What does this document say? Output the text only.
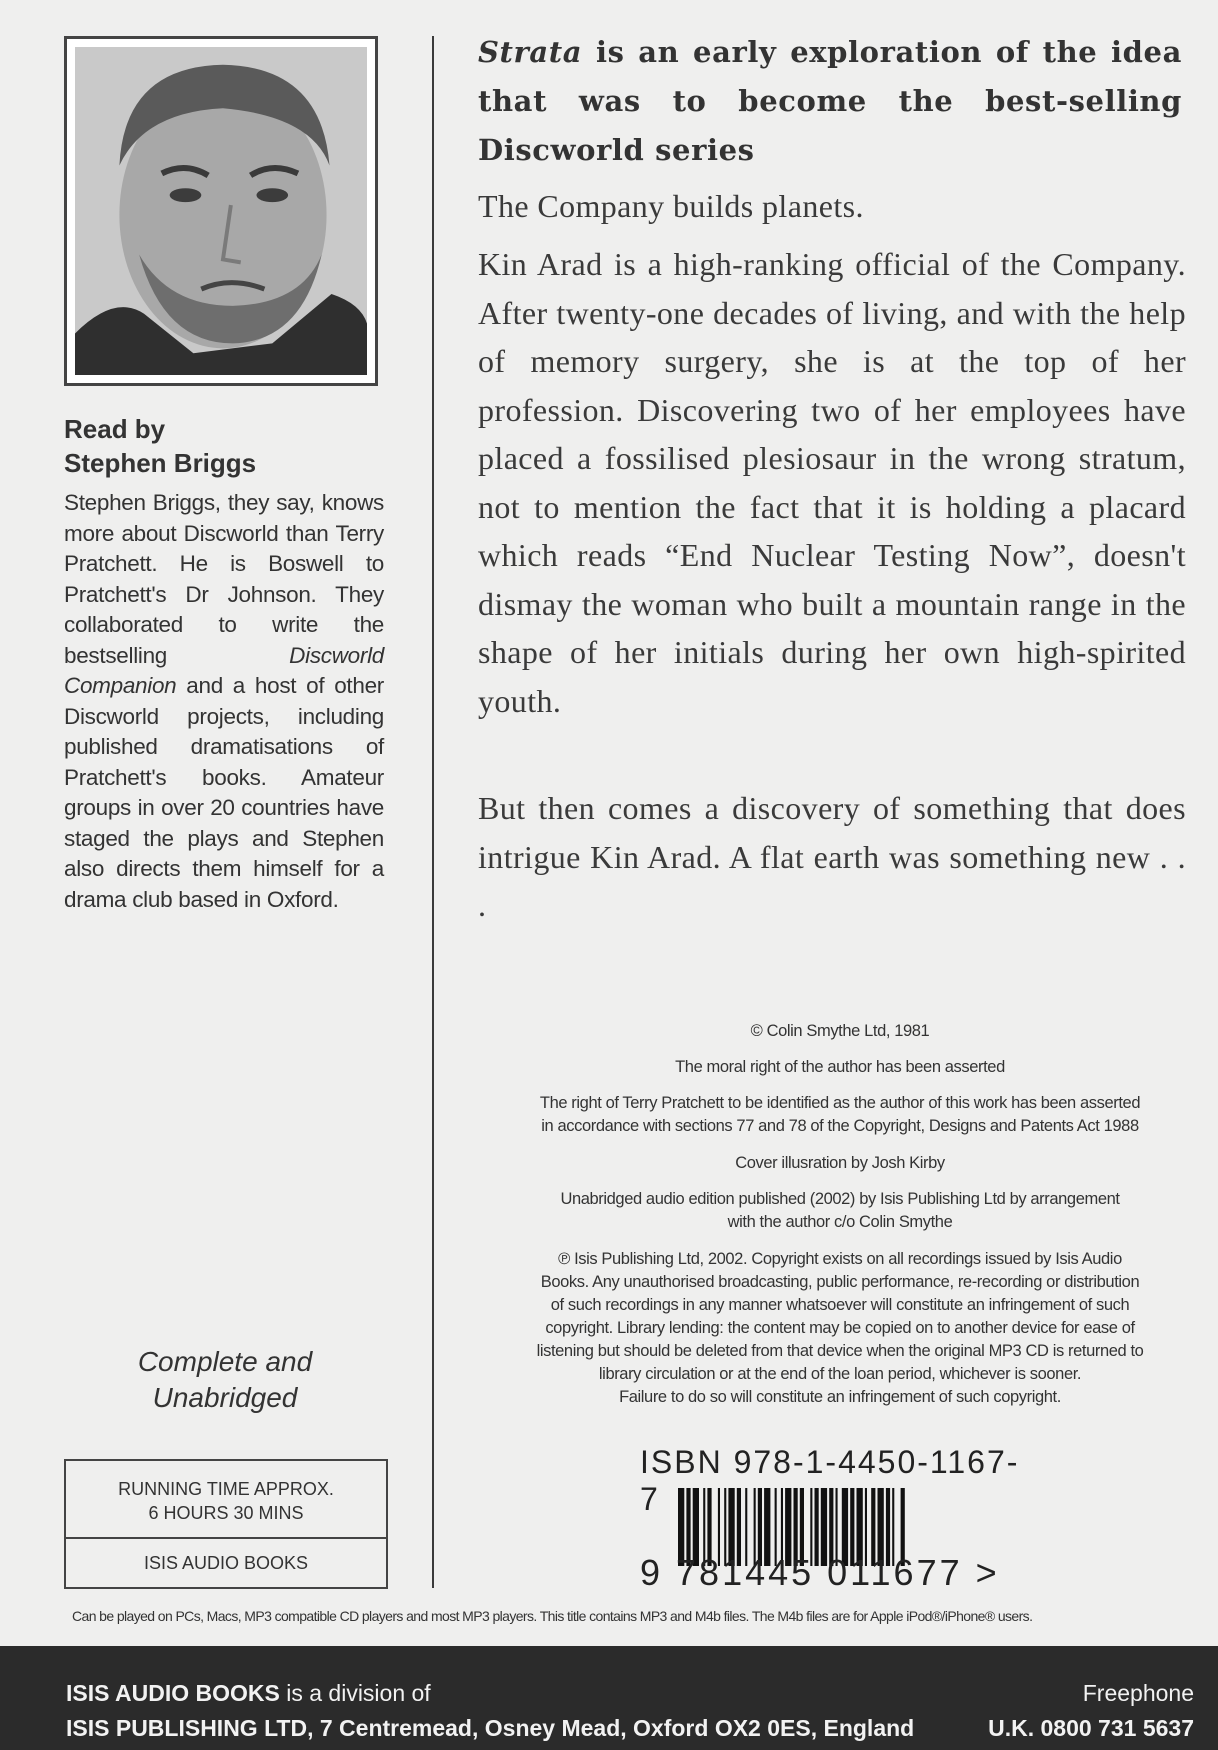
Read by
Stephen Briggs
Stephen Briggs, they say, knows more about Discworld than Terry Pratchett. He is Boswell to Pratchett's Dr Johnson. They collaborated to write the bestselling Discworld Companion and a host of other Discworld projects, including published dramatisations of Pratchett's books. Amateur groups in over 20 countries have staged the plays and Stephen also directs them himself for a drama club based in Oxford.
Complete and
Unabridged
RUNNING TIME APPROX.
6 HOURS 30 MINS
ISIS AUDIO BOOKS
Strata is an early exploration of the idea that was to become the best-selling Discworld series
The Company builds planets.
Kin Arad is a high-ranking official of the Company. After twenty-one decades of living, and with the help of memory surgery, she is at the top of her profession. Discovering two of her employees have placed a fossilised plesiosaur in the wrong stratum, not to mention the fact that it is holding a placard which reads “End Nuclear Testing Now”, doesn't dismay the woman who built a mountain range in the shape of her initials during her own high-spirited youth.
But then comes a discovery of something that does intrigue Kin Arad. A flat earth was something new . . .
© Colin Smythe Ltd, 1981
The moral right of the author has been asserted
The right of Terry Pratchett to be identified as the author of this work has been asserted
in accordance with sections 77 and 78 of the Copyright, Designs and Patents Act 1988
Cover illusration by Josh Kirby
Unabridged audio edition published (2002) by Isis Publishing Ltd by arrangement
with the author c/o Colin Smythe
℗ Isis Publishing Ltd, 2002. Copyright exists on all recordings issued by Isis Audio
Books. Any unauthorised broadcasting, public performance, re-recording or distribution
of such recordings in any manner whatsoever will constitute an infringement of such
copyright. Library lending: the content may be copied on to another device for ease of
listening but should be deleted from that device when the original MP3 CD is returned to
library circulation or at the end of the loan period, whichever is sooner.
Failure to do so will constitute an infringement of such copyright.
ISBN 978-1-4450-1167-7
9 781445 011677 >
Can be played on PCs, Macs, MP3 compatible CD players and most MP3 players. This title contains MP3 and M4b files. The M4b files are for Apple iPod®/iPhone® users.
ISIS AUDIO BOOKS is a division of
ISIS PUBLISHING LTD, 7 Centremead, Osney Mead, Oxford OX2 0ES, England
Freephone
U.K. 0800 731 5637
